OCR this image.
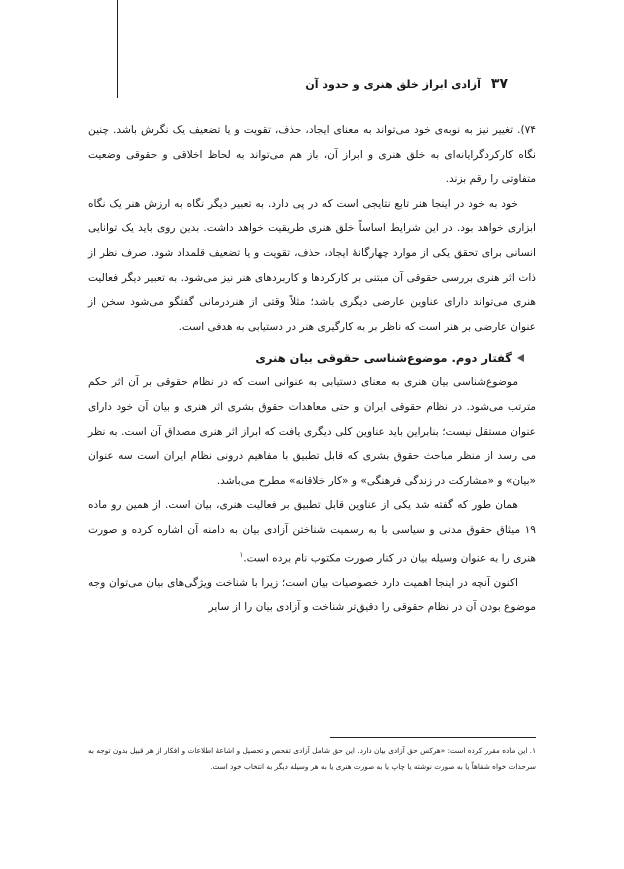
۳۷
آزادی ابراز خلق هنری و حدود آن

۷۴). تغییر نیز به نوبه‌ی خود می‌تواند به معنای ایجاد، حذف، تقویت و یا تضعیف یک نگرش باشد. چنین نگاه کارکردگرایانه‌ای به خلق هنری و ابراز آن، باز هم می‌تواند به لحاظ اخلاقی و حقوقی وضعیت متفاوتی را رقم بزند.

خود به خود در اینجا هنر تابع نتایجی است که در پی دارد. به تعبیر دیگر نگاه به ارزش هنر یک نگاه ابزاری خواهد بود. در این شرایط اساساً خلق هنری طریقیت خواهد داشت. بدین روی باید یک توانایی انسانی برای تحقق یکی از موارد چهارگانهٔ ایجاد، حذف، تقویت و یا تضعیف قلمداد شود. صرف نظر از ذات اثر هنری بررسی حقوقی آن مبتنی بر کارکردها و کاربردهای هنر نیز می‌شود. به تعبیر دیگر فعالیت هنری می‌تواند دارای عناوین عارضی دیگری باشد؛ مثلاً وقتی از هنردرمانی گفتگو می‌شود سخن از عنوان عارضی بر هنر است که ناظر بر به کارگیری هنر در دستیابی به هدفی است.

گفتار دوم. موضوع‌شناسی حقوقی بیان هنری

موضوع‌شناسی بیان هنری به معنای دستیابی به عنوانی است که در نظام حقوقی بر آن اثر حکم مترتب می‌شود. در نظام حقوقی ایران و حتی معاهدات حقوق بشری اثر هنری و بیان آن خود دارای عنوان مستقل نیست؛ بنابراین باید عناوین کلی دیگری یافت که ابراز اثر هنری مصداق آن است. به نظر می رسد از منظر مباحث حقوق بشری که قابل تطبیق با مفاهیم درونی نظام ایران است سه عنوان «بیان» و «مشارکت در زندگی فرهنگی» و «کار خلاقانه» مطرح می‌باشد.

همان طور که گفته شد یکی از عناوین قابل تطبیق بر فعالیت هنری، بیان است. از همین رو ماده ۱۹ میثاق حقوق مدنی و سیاسی با به رسمیت شناختن آزادی بیان به دامنه آن اشاره کرده و صورت هنری را به عنوان وسیله بیان در کنار صورت مکتوب نام برده است.$^۱$

اکنون آنچه در اینجا اهمیت دارد خصوصیات بیان است؛ زیرا با شناخت ویژگی‌های بیان می‌توان وجه موضوع بودن آن در نظام حقوقی را دقیق‌تر شناخت و آزادی بیان را از سایر

۱. این ماده مقرر کرده است: «هرکس حق آزادی بیان دارد. این حق شامل آزادی تفحص و تحصیل و اشاعهٔ اطلاعات و افکار از هر قبیل بدون توجه به سرحدات خواه شفاهاً یا به صورت نوشته یا چاپ یا به صورت هنری یا به هر وسیله دیگر به انتخاب خود است.
